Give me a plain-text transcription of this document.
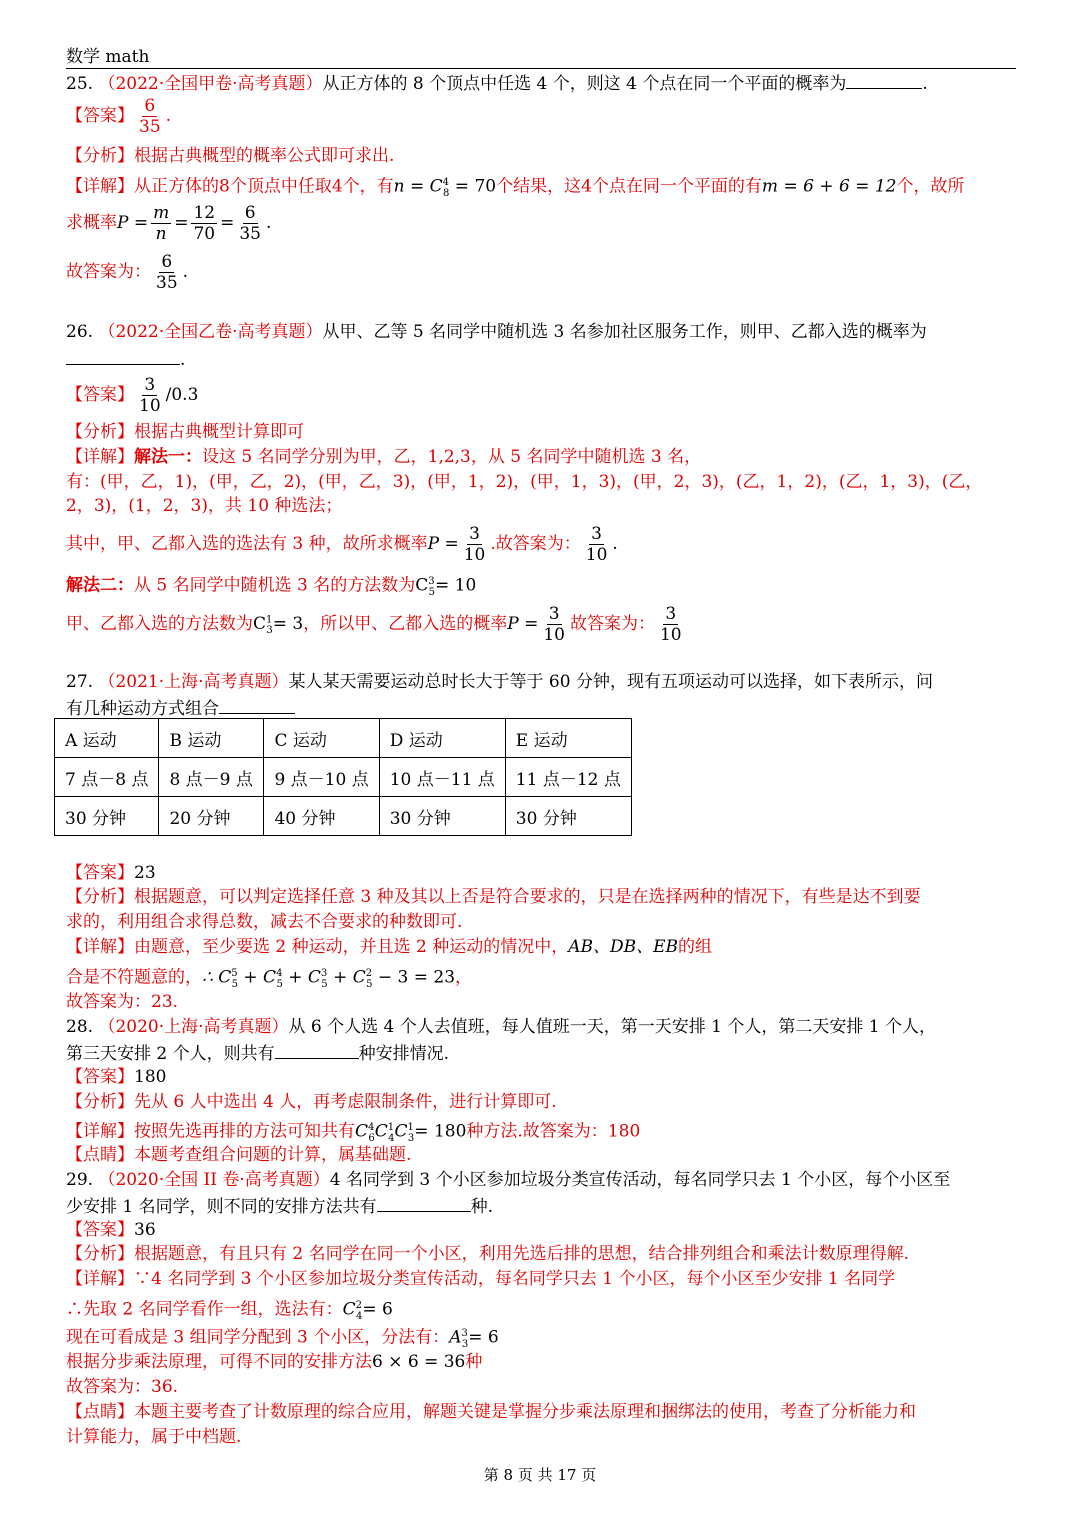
数学 math
25. （2022·全国甲卷·高考真题）从正方体的 8 个顶点中任选 4 个，则这 4 个点在同一个平面的概率为	.
【答案】 $\frac{6}{35}$ .
【分析】根据古典概型的概率公式即可求出.
【详解】从正方体的8个顶点中任取4个，有$n = C^4_8 = 70$个结果，这4个点在同一个平面的有m = 6 + 6 = 12个，故所
求概率$P = \frac{m}{n} = \frac{12}{70} = \frac{6}{35}$ .
故答案为： $\frac{6}{35}$ .
26. （2022·全国乙卷·高考真题）从甲、乙等 5 名同学中随机选 3 名参加社区服务工作，则甲、乙都入选的概率为
.
【答案】 $\frac{3}{10} /0.3$
【分析】根据古典概型计算即可
【详解】解法一：设这 5 名同学分别为甲，乙，1,2,3，从 5 名同学中随机选 3 名，
有：(甲，乙，1)，(甲，乙，2)，(甲，乙，3)，(甲，1，2)，(甲，1，3)，(甲，2，3)，(乙，1，2)，(乙，1，3)，(乙，
2，3)，(1，2，3)，共 10 种选法；
其中，甲、乙都入选的选法有 3 种，故所求概率$P = \frac{3}{10}$ .故答案为： $\frac{3}{10}$ .
解法二：从 5 名同学中随机选 3 名的方法数为$C^3_5= 10$
甲、乙都入选的方法数为$C^1_3= 3$，所以甲、乙都入选的概率$P = \frac{3}{10}$ 故答案为： $\frac{3}{10}$
27. （2021·上海·高考真题）某人某天需要运动总时长大于等于 60 分钟，现有五项运动可以选择，如下表所示，问
有几种运动方式组合
A 运动	B 运动	C 运动	D 运动	E 运动
7 点－8 点	8 点－9 点	9 点－10 点	10 点－11 点	11 点－12 点
30 分钟	20 分钟	40 分钟	30 分钟	30 分钟
【答案】23
【分析】根据题意，可以判定选择任意 3 种及其以上否是符合要求的，只是在选择两种的情况下，有些是达不到要
求的，利用组合求得总数，减去不合要求的种数即可.
【详解】由题意，至少要选 2 种运动，并且选 2 种运动的情况中，AB、DB、EB的组
合是不符题意的，∴ $C^5_5 + C^4_5 + C^3_5 + C^2_5 - 3 = 23$，
故答案为：23.
28. （2020·上海·高考真题）从 6 个人选 4 个人去值班，每人值班一天，第一天安排 1 个人，第二天安排 1 个人，
第三天安排 2 个人，则共有	种安排情况.
【答案】180
【分析】先从 6 人中选出 4 人，再考虑限制条件，进行计算即可.
【详解】按照先选再排的方法可知共有$C^4_6C^1_4C^1_3= 180$种方法.故答案为：180
【点睛】本题考查组合问题的计算，属基础题.
29. （2020·全国 II 卷·高考真题）4 名同学到 3 个小区参加垃圾分类宣传活动，每名同学只去 1 个小区，每个小区至
少安排 1 名同学，则不同的安排方法共有	种.
【答案】36
【分析】根据题意，有且只有 2 名同学在同一个小区，利用先选后排的思想，结合排列组合和乘法计数原理得解.
【详解】∵4 名同学到 3 个小区参加垃圾分类宣传活动，每名同学只去 1 个小区，每个小区至少安排 1 名同学
∴先取 2 名同学看作一组，选法有：$C^2_4= 6$
现在可看成是 3 组同学分配到 3 个小区，分法有：$A^3_3= 6$
根据分步乘法原理，可得不同的安排方法6 × 6 = 36种
故答案为：36.
【点睛】本题主要考查了计数原理的综合应用，解题关键是掌握分步乘法原理和捆绑法的使用，考查了分析能力和
计算能力，属于中档题.
第 8 页 共 17 页
